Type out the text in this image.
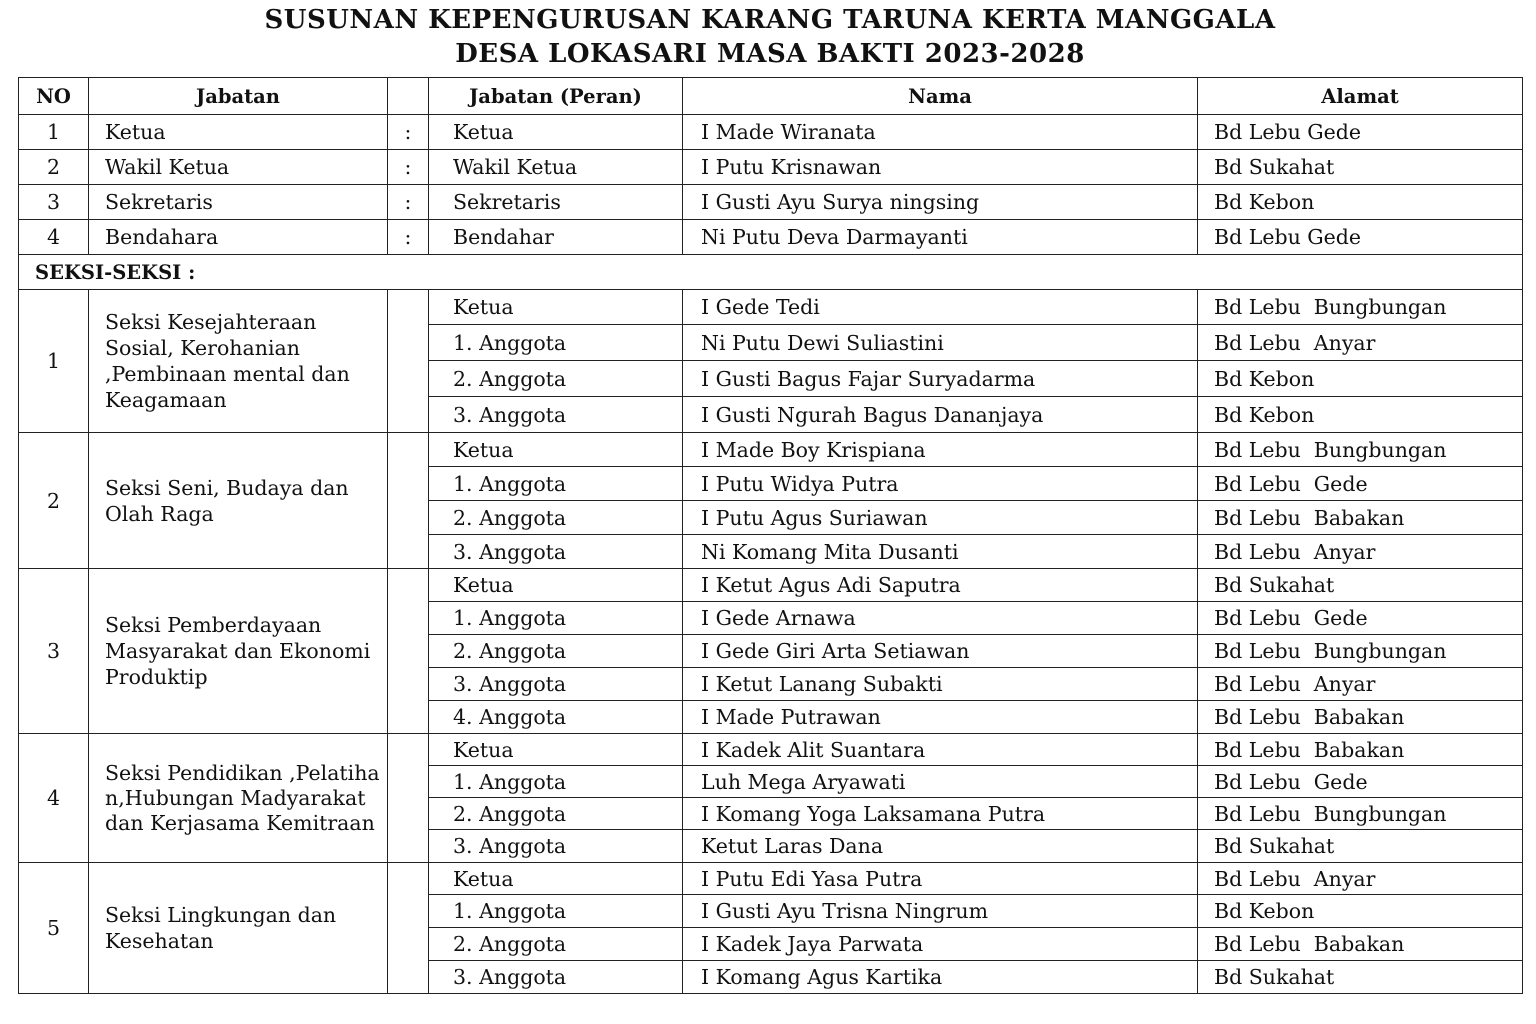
SUSUNAN KEPENGURUSAN KARANG TARUNA KERTA MANGGALA
DESA LOKASARI MASA BAKTI 2023-2028
NO	Jabatan		Jabatan (Peran)	Nama	Alamat
1	Ketua	:	Ketua	I Made Wiranata	Bd Lebu Gede
2	Wakil Ketua	:	Wakil Ketua	I Putu Krisnawan	Bd Sukahat
3	Sekretaris	:	Sekretaris	I Gusti Ayu Surya ningsing	Bd Kebon
4	Bendahara	:	Bendahar	Ni Putu Deva Darmayanti	Bd Lebu Gede
SEKSI-SEKSI :					
1	Seksi Kesejahteraan Sosial, Kerohanian ,Pembinaan mental dan Keagamaan		Ketua	I Gede Tedi	Bd Lebu  Bungbungan
			1. Anggota	Ni Putu Dewi Suliastini	Bd Lebu  Anyar
			2. Anggota	I Gusti Bagus Fajar Suryadarma	Bd Kebon
			3. Anggota	I Gusti Ngurah Bagus Dananjaya	Bd Kebon
2	Seksi Seni, Budaya dan Olah Raga		Ketua	I Made Boy Krispiana	Bd Lebu  Bungbungan
			1. Anggota	I Putu Widya Putra	Bd Lebu  Gede
			2. Anggota	I Putu Agus Suriawan	Bd Lebu  Babakan
			3. Anggota	Ni Komang Mita Dusanti	Bd Lebu  Anyar
3	Seksi Pemberdayaan Masyarakat dan Ekonomi Produktip		Ketua	I Ketut Agus Adi Saputra	Bd Sukahat
			1. Anggota	I Gede Arnawa	Bd Lebu  Gede
			2. Anggota	I Gede Giri Arta Setiawan	Bd Lebu  Bungbungan
			3. Anggota	I Ketut Lanang Subakti	Bd Lebu  Anyar
			4. Anggota	I Made Putrawan	Bd Lebu  Babakan
4	Seksi Pendidikan ,Pelatihan,Hubungan Madyarakat dan Kerjasama Kemitraan		Ketua	I Kadek Alit Suantara	Bd Lebu  Babakan
			1. Anggota	Luh Mega Aryawati	Bd Lebu  Gede
			2. Anggota	I Komang Yoga Laksamana Putra	Bd Lebu  Bungbungan
			3. Anggota	Ketut Laras Dana	Bd Sukahat
5	Seksi Lingkungan dan Kesehatan		Ketua	I Putu Edi Yasa Putra	Bd Lebu  Anyar
			1. Anggota	I Gusti Ayu Trisna Ningrum	Bd Kebon
			2. Anggota	I Kadek Jaya Parwata	Bd Lebu  Babakan
			3. Anggota	I Komang Agus Kartika	Bd Sukahat
